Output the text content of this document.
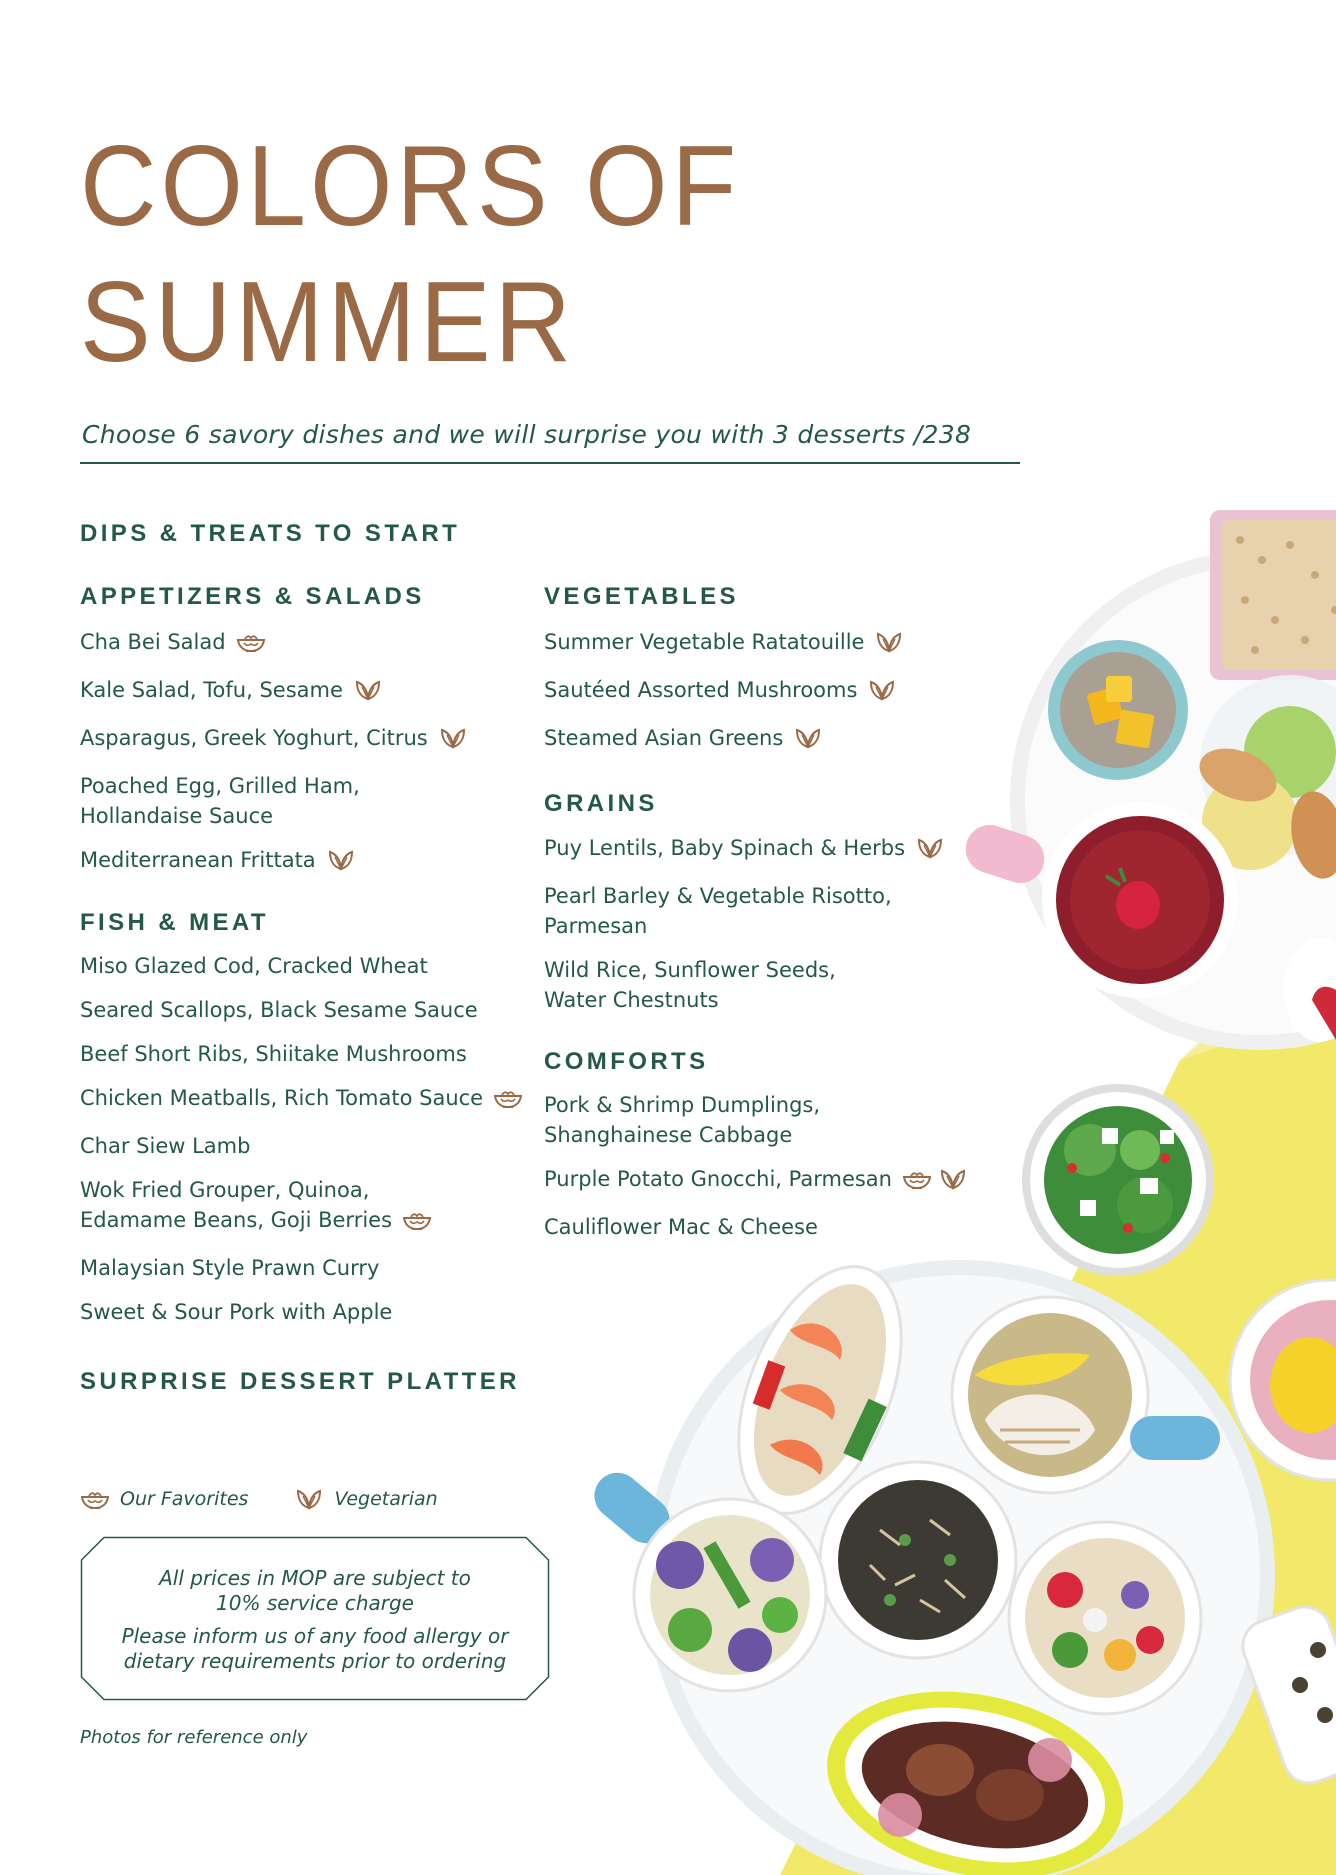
COLORS OF
SUMMER
Choose 6 savory dishes and we will surprise you with 3 desserts /238
DIPS & TREATS TO START
APPETIZERS & SALADS
FISH & MEAT
SURPRISE DESSERT PLATTER
VEGETABLES
GRAINS
COMFORTS
Cha Bei Salad
Kale Salad, Tofu, Sesame
Asparagus, Greek Yoghurt, Citrus
Poached Egg, Grilled Ham,
Hollandaise Sauce
Mediterranean Frittata
Miso Glazed Cod, Cracked Wheat
Seared Scallops, Black Sesame Sauce
Beef Short Ribs, Shiitake Mushrooms
Chicken Meatballs, Rich Tomato Sauce
Char Siew Lamb
Wok Fried Grouper, Quinoa,
Edamame Beans, Goji Berries
Malaysian Style Prawn Curry
Sweet & Sour Pork with Apple
Summer Vegetable Ratatouille
Sautéed Assorted Mushrooms
Steamed Asian Greens
Puy Lentils, Baby Spinach & Herbs
Pearl Barley & Vegetable Risotto,
Parmesan
Wild Rice, Sunflower Seeds,
Water Chestnuts
Pork & Shrimp Dumplings,
Shanghainese Cabbage
Purple Potato Gnocchi, Parmesan
Cauliflower Mac & Cheese
Our Favorites	Vegetarian
All prices in MOP are subject to
10% service charge
Please inform us of any food allergy or
dietary requirements prior to ordering
Photos for reference only
